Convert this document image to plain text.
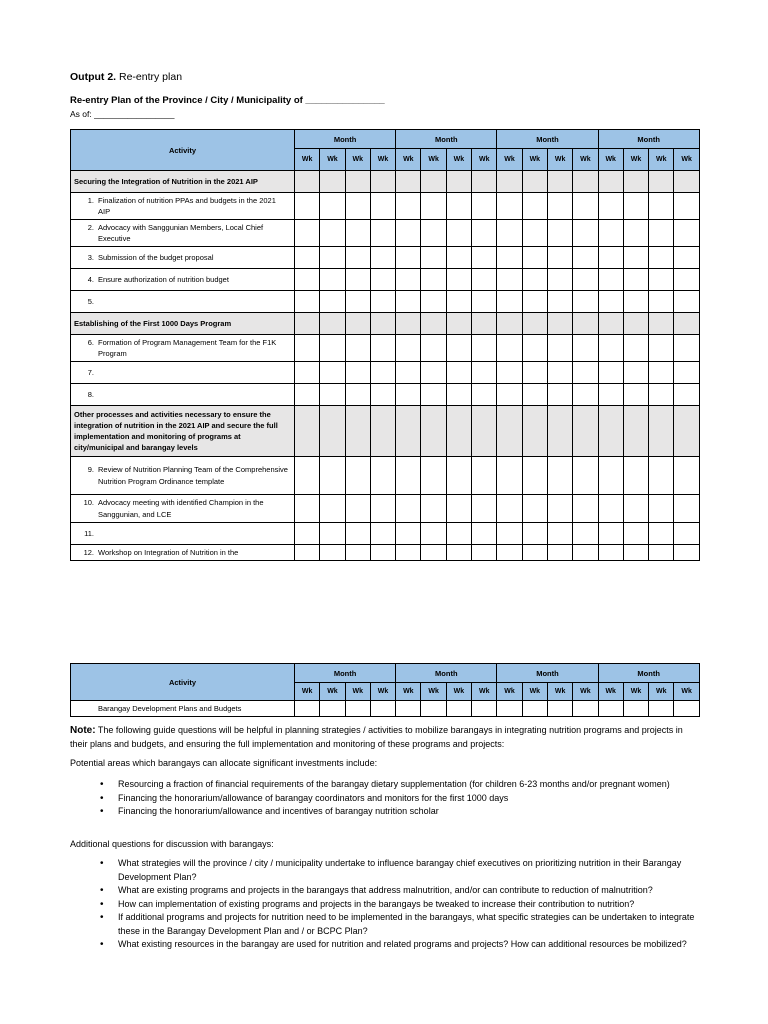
Output 2. Re-entry plan
Re-entry Plan of the Province / City / Municipality of _______________
As of: _________________
Activity	Month				Month				Month				Month			
	Wk	Wk	Wk	Wk	Wk	Wk	Wk	Wk	Wk	Wk	Wk	Wk	Wk	Wk	Wk	Wk
Securing the Integration of Nutrition in the 2021 AIP																
1. Finalization of nutrition PPAs and budgets in the 2021 AIP																
2. Advocacy with Sanggunian Members, Local Chief Executive																
3. Submission of the budget proposal																
4. Ensure authorization of nutrition budget																
5.																
Establishing of the First 1000 Days Program																
6. Formation of Program Management Team for the F1K Program																
7.																
8.																
Other processes and activities necessary to ensure the integration of nutrition in the 2021 AIP and secure the full implementation and monitoring of programs at city/municipal and barangay levels																
9. Review of Nutrition Planning Team of the Comprehensive Nutrition Program Ordinance template																
10. Advocacy meeting with identified Champion in the Sanggunian, and LCE																
11.																
12. Workshop on Integration of Nutrition in the																
Activity	Month				Month				Month				Month			
	Wk	Wk	Wk	Wk	Wk	Wk	Wk	Wk	Wk	Wk	Wk	Wk	Wk	Wk	Wk	Wk
Barangay Development Plans and Budgets																
Note: The following guide questions will be helpful in planning strategies / activities to mobilize barangays in integrating nutrition programs and projects in their plans and budgets, and ensuring the full implementation and monitoring of these programs and projects:
Potential areas which barangays can allocate significant investments include:
• Resourcing a fraction of financial requirements of the barangay dietary supplementation (for children 6-23 months and/or pregnant women)
• Financing the honorarium/allowance of barangay coordinators and monitors for the first 1000 days
• Financing the honorarium/allowance and incentives of barangay nutrition scholar
Additional questions for discussion with barangays:
• What strategies will the province / city / municipality undertake to influence barangay chief executives on prioritizing nutrition in their Barangay Development Plan?
• What are existing programs and projects in the barangays that address malnutrition, and/or can contribute to reduction of malnutrition?
• How can implementation of existing programs and projects in the barangays be tweaked to increase their contribution to nutrition?
• If additional programs and projects for nutrition need to be implemented in the barangays, what specific strategies can be undertaken to integrate these in the Barangay Development Plan and / or BCPC Plan?
• What existing resources in the barangay are used for nutrition and related programs and projects? How can additional resources be mobilized?
